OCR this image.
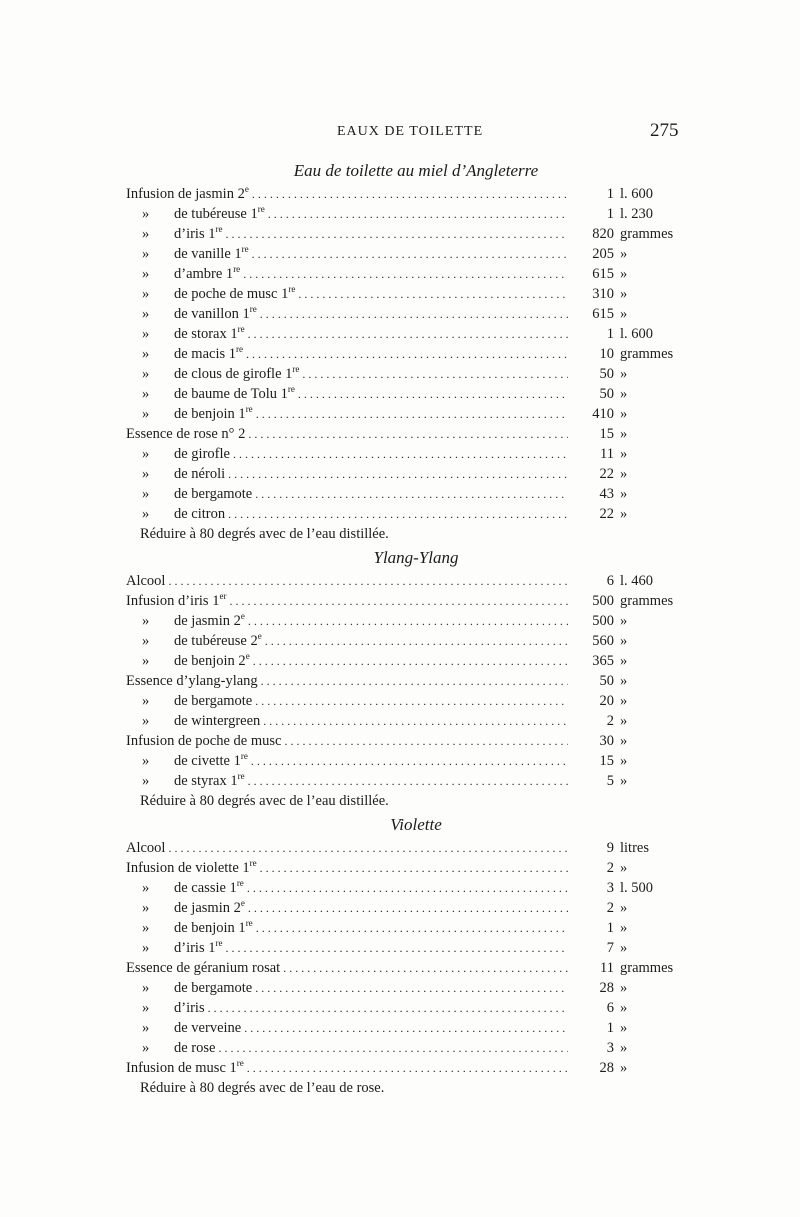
EAUX DE TOILETTE	275
Eau de toilette au miel d’Angleterre
Infusion de jasmin 2e . . .	1 l. 600
» de tubéreuse 1re . . .	1 l. 230
» d’iris 1re . . .	820 grammes
» de vanille 1re . . .	205 »
» d’ambre 1re . . .	615 »
» de poche de musc 1re . . .	310 »
» de vanillon 1re . . .	615 »
» de storax 1re . . .	1 l. 600
» de macis 1re . . .	10 grammes
» de clous de girofle 1re . . .	50 »
» de baume de Tolu 1re . . .	50 »
» de benjoin 1re . . .	410 »
Essence de rose n° 2 . . .	15 »
» de girofle . . .	11 »
» de néroli . . .	22 »
» de bergamote . . .	43 »
» de citron . . .	22 »
Réduire à 80 degrés avec de l’eau distillée.
Ylang-Ylang
Alcool . . .	6 l. 460
Infusion d’iris 1er . . .	500 grammes
» de jasmin 2e . . .	500 »
» de tubéreuse 2e . . .	560 »
» de benjoin 2e . . .	365 »
Essence d’ylang-ylang . . .	50 »
» de bergamote . . .	20 »
» de wintergreen . . .	2 »
Infusion de poche de musc . . .	30 »
» de civette 1re . . .	15 »
» de styrax 1re . . .	5 »
Réduire à 80 degrés avec de l’eau distillée.
Violette
Alcool . . .	9 litres
Infusion de violette 1re . . .	2 »
» de cassie 1re . . .	3 l. 500
» de jasmin 2e . . .	2 »
» de benjoin 1re . . .	1 »
» d’iris 1re . . .	7 »
Essence de géranium rosat . . .	11 grammes
» de bergamote . . .	28 »
» d’iris . . .	6 »
» de verveine . . .	1 »
» de rose . . .	3 »
Infusion de musc 1re . . .	28 »
Réduire à 80 degrés avec de l’eau de rose.
